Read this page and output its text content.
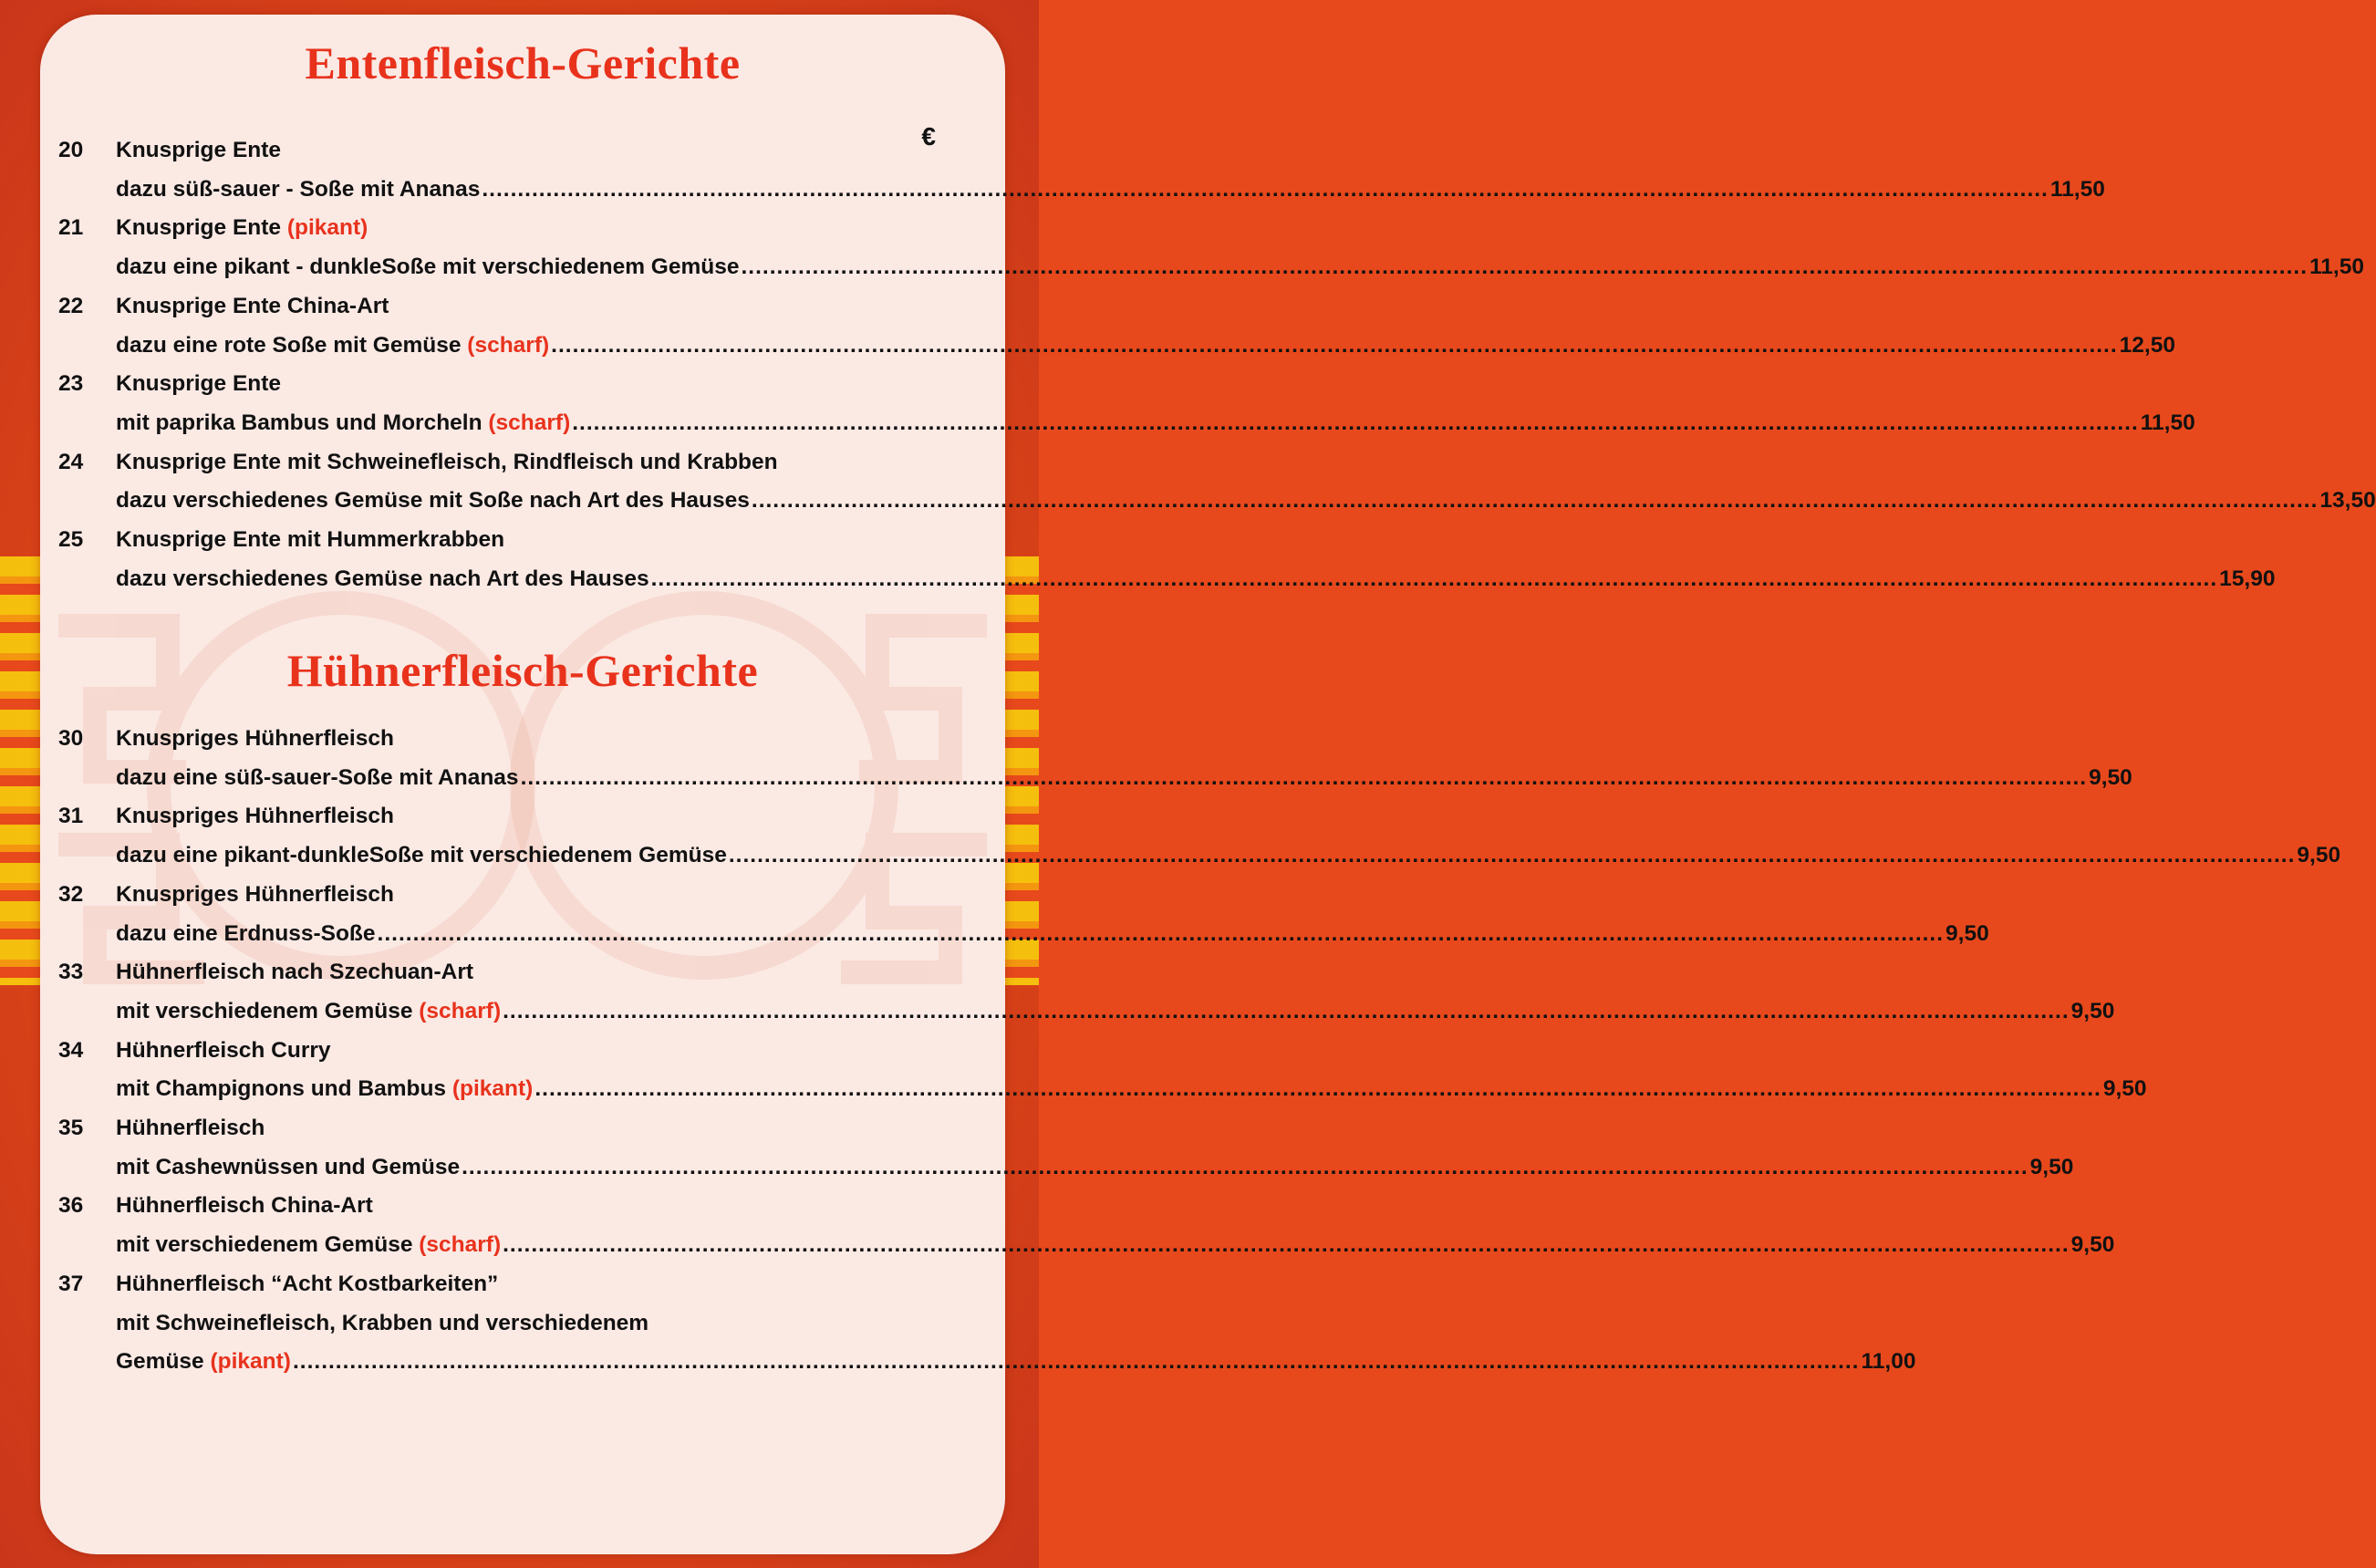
€
Entenfleisch-Gerichte
20	Knusprige Ente
dazu süß-sauer - Soße mit Ananas ............................................................................................................................................................................................................................ 11,50
21	Knusprige Ente (pikant)
dazu eine pikant - dunkleSoße mit verschiedenem Gemüse ............................................................................................................................................................................................................................ 11,50
22	Knusprige Ente China-Art
dazu eine rote Soße mit Gemüse (scharf) ............................................................................................................................................................................................................................ 12,50
23	Knusprige Ente
mit paprika Bambus und Morcheln (scharf) ............................................................................................................................................................................................................................ 11,50
24	Knusprige Ente mit Schweinefleisch, Rindfleisch und Krabben
dazu verschiedenes Gemüse mit Soße nach Art des Hauses ............................................................................................................................................................................................................................ 13,50
25	Knusprige Ente mit Hummerkrabben
dazu verschiedenes Gemüse nach Art des Hauses ............................................................................................................................................................................................................................ 15,90
Hühnerfleisch-Gerichte
30	Knuspriges Hühnerfleisch
dazu eine süß-sauer-Soße mit Ananas ............................................................................................................................................................................................................................ 9,50
31	Knuspriges Hühnerfleisch
dazu eine pikant-dunkleSoße mit verschiedenem Gemüse ............................................................................................................................................................................................................................ 9,50
32	Knuspriges Hühnerfleisch
dazu eine Erdnuss-Soße ............................................................................................................................................................................................................................ 9,50
33	Hühnerfleisch nach Szechuan-Art
mit verschiedenem Gemüse (scharf) ............................................................................................................................................................................................................................ 9,50
34	Hühnerfleisch Curry
mit Champignons und Bambus (pikant) ............................................................................................................................................................................................................................ 9,50
35	Hühnerfleisch
mit Cashewnüssen und Gemüse ............................................................................................................................................................................................................................ 9,50
36	Hühnerfleisch China-Art
mit verschiedenem Gemüse (scharf) ............................................................................................................................................................................................................................ 9,50
37	Hühnerfleisch “Acht Kostbarkeiten”
mit Schweinefleisch, Krabben und verschiedenem
Gemüse (pikant) ............................................................................................................................................................................................................................ 11,00
